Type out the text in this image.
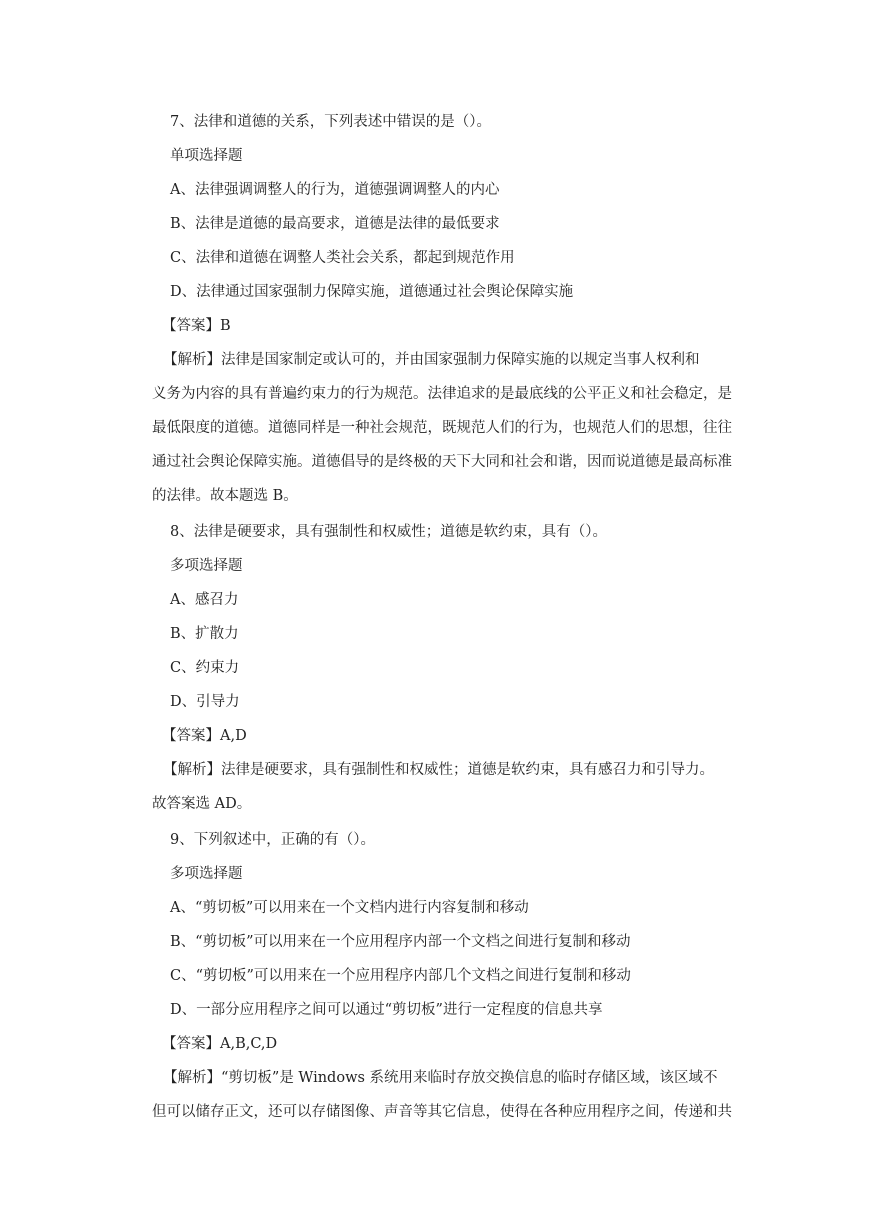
7、法律和道德的关系，下列表述中错误的是（）。
单项选择题
A、法律强调调整人的行为，道德强调调整人的内心
B、法律是道德的最高要求，道德是法律的最低要求
C、法律和道德在调整人类社会关系，都起到规范作用
D、法律通过国家强制力保障实施，道德通过社会舆论保障实施
【答案】B
【解析】法律是国家制定或认可的，并由国家强制力保障实施的以规定当事人权利和
义务为内容的具有普遍约束力的行为规范。法律追求的是最底线的公平正义和社会稳定，是
最低限度的道德。道德同样是一种社会规范，既规范人们的行为，也规范人们的思想，往往
通过社会舆论保障实施。道德倡导的是终极的天下大同和社会和谐，因而说道德是最高标准
的法律。故本题选 B。
8、法律是硬要求，具有强制性和权威性；道德是软约束，具有（）。
多项选择题
A、感召力
B、扩散力
C、约束力
D、引导力
【答案】A,D
【解析】法律是硬要求，具有强制性和权威性；道德是软约束，具有感召力和引导力。
故答案选 AD。
9、下列叙述中，正确的有（）。
多项选择题
A、“剪切板”可以用来在一个文档内进行内容复制和移动
B、“剪切板”可以用来在一个应用程序内部一个文档之间进行复制和移动
C、“剪切板”可以用来在一个应用程序内部几个文档之间进行复制和移动
D、一部分应用程序之间可以通过“剪切板”进行一定程度的信息共享
【答案】A,B,C,D
【解析】“剪切板”是 Windows 系统用来临时存放交换信息的临时存储区域，该区域不
但可以储存正文，还可以存储图像、声音等其它信息，使得在各种应用程序之间，传递和共
